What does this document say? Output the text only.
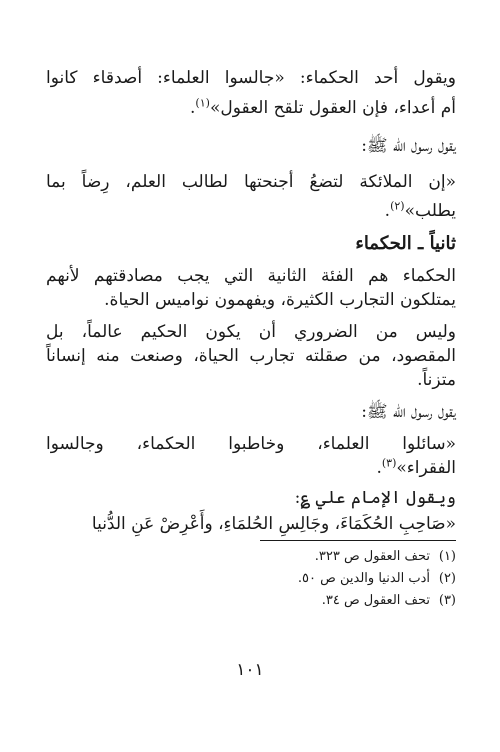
ويقول أحد الحكماء: «جالسوا العلماء: أصدقاء كانوا
أم أعداء، فإن العقول تلقح العقول»$^{(١)}$.
يقول رسول الله ﷺ:
«إن الملائكة لتضعُ أجنحتها لطالب العلم، رِضاً بما
يطلب»$^{(٢)}$.
ثانياً ـ الحكماء
الحكماء هم الفئة الثانية التي يجب مصادقتهم لأنهم
يمتلكون التجارب الكثيرة، ويفهمون نواميس الحياة.
وليس من الضروري أن يكون الحكيم عالماً، بل
المقصود، من صقلته تجارب الحياة، وصنعت منه إنساناً
متزناً.
يقول رسول الله ﷺ:
«سائلوا العلماء، وخاطبوا الحكماء، وجالسوا
الفقراء»$^{(٣)}$.
ويقول الإمام علي ؏:
«صَاحِبِ الحُكَمَاءَ، وجَالِسِ الحُلمَاءِ، وأَعْرِضْ عَنِ الدُّنيا
(١)تحف العقول ص ٣٢٣.
(٢)أدب الدنيا والدين ص ٥٠.
(٣)تحف العقول ص ٣٤.
١٠١
